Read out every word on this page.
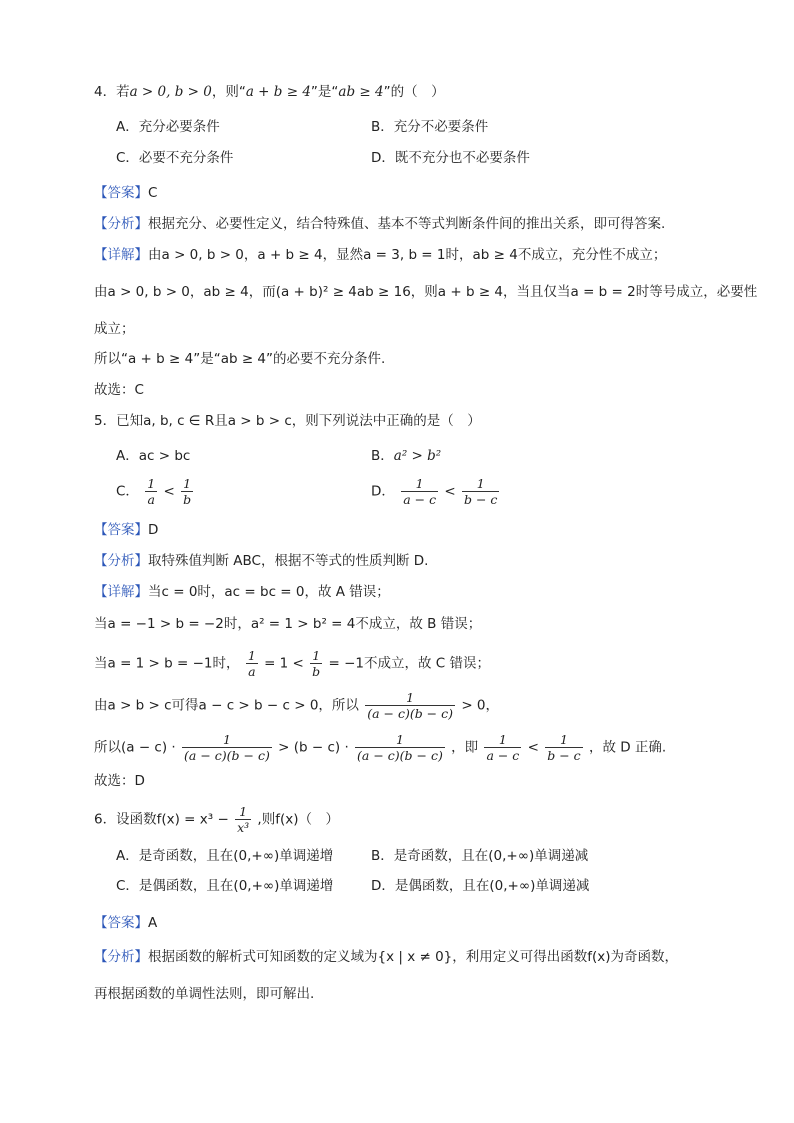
4．若a > 0, b > 0，则“a + b ≥ 4”是“ab ≥ 4”的（　）
A．充分必要条件	B．充分不必要条件
C．必要不充分条件	D．既不充分也不必要条件
【答案】C
【分析】根据充分、必要性定义，结合特殊值、基本不等式判断条件间的推出关系，即可得答案.
【详解】由a > 0, b > 0，a + b ≥ 4，显然a = 3, b = 1时，ab ≥ 4不成立，充分性不成立；
由a > 0, b > 0，ab ≥ 4，而(a + b)² ≥ 4ab ≥ 16，则a + b ≥ 4，当且仅当a = b = 2时等号成立，必要性
成立；
所以“a + b ≥ 4”是“ab ≥ 4”的必要不充分条件.
故选：C
5．已知a, b, c ∈ R且a > b > c，则下列说法中正确的是（　）
A．ac > bc	B．a² > b²
C． $\frac{1}{a} < \frac{1}{b}$	D． $\frac{1}{a - c} < \frac{1}{b - c}$
【答案】D
【分析】取特殊值判断 ABC，根据不等式的性质判断 D.
【详解】当c = 0时，ac = bc = 0，故 A 错误；
当a = −1 > b = −2时，a² = 1 > b² = 4不成立，故 B 错误；
当a = 1 > b = −1时， $\frac{1}{a} = 1 < \frac{1}{b} = -1$不成立，故 C 错误；
由a > b > c可得a − c > b − c > 0，所以 $\frac{1}{(a - c)(b - c)} > 0$，
所以$(a - c) \cdot \frac{1}{(a - c)(b - c)} > (b - c) \cdot \frac{1}{(a - c)(b - c)}$ ，即 $\frac{1}{a - c} < \frac{1}{b - c}$ ，故 D 正确.
故选：D
6．设函数$f(x) = x^3 - \frac{1}{\text{x³}}$ ,则f(x)（　）
A．是奇函数，且在(0,+∞)单调递增	B．是奇函数，且在(0,+∞)单调递减
C．是偶函数，且在(0,+∞)单调递增	D．是偶函数，且在(0,+∞)单调递减
【答案】A
【分析】根据函数的解析式可知函数的定义域为{x | x ≠ 0}，利用定义可得出函数f(x)为奇函数，
再根据函数的单调性法则，即可解出.
